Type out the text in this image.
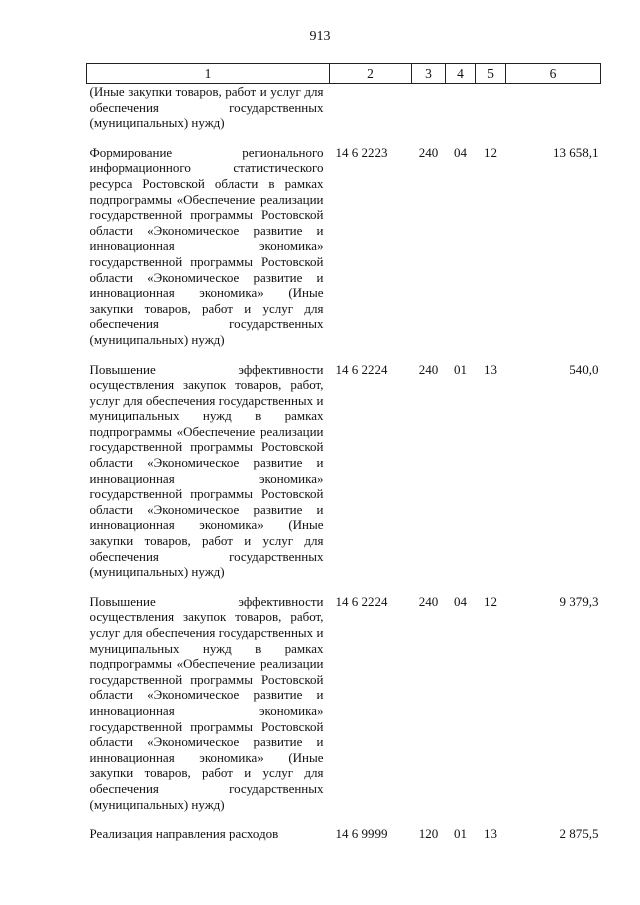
913
1	2	3	4	5	6
(Иные закупки товаров, работ и услуг для обеспечения государственных (муниципальных) нужд)					
Формирование регионального информационного статистического ресурса Ростовской области в рамках подпрограммы «Обеспечение реализации государственной программы Ростовской области «Экономическое развитие и инновационная экономика» государственной программы Ростовской области «Экономическое развитие и инновационная экономика» (Иные закупки товаров, работ и услуг для обеспечения государственных (муниципальных) нужд)	14 6 2223	240	04	12	13 658,1
Повышение эффективности осуществления закупок товаров, работ, услуг для обеспечения государственных и муниципальных нужд в рамках подпрограммы «Обеспечение реализации государственной программы Ростовской области «Экономическое развитие и инновационная экономика» государственной программы Ростовской области «Экономическое развитие и инновационная экономика» (Иные закупки товаров, работ и услуг для обеспечения государственных (муниципальных) нужд)	14 6 2224	240	01	13	540,0
Повышение эффективности осуществления закупок товаров, работ, услуг для обеспечения государственных и муниципальных нужд в рамках подпрограммы «Обеспечение реализации государственной программы Ростовской области «Экономическое развитие и инновационная экономика» государственной программы Ростовской области «Экономическое развитие и инновационная экономика» (Иные закупки товаров, работ и услуг для обеспечения государственных (муниципальных) нужд)	14 6 2224	240	04	12	9 379,3
Реализация направления расходов	14 6 9999	120	01	13	2 875,5
